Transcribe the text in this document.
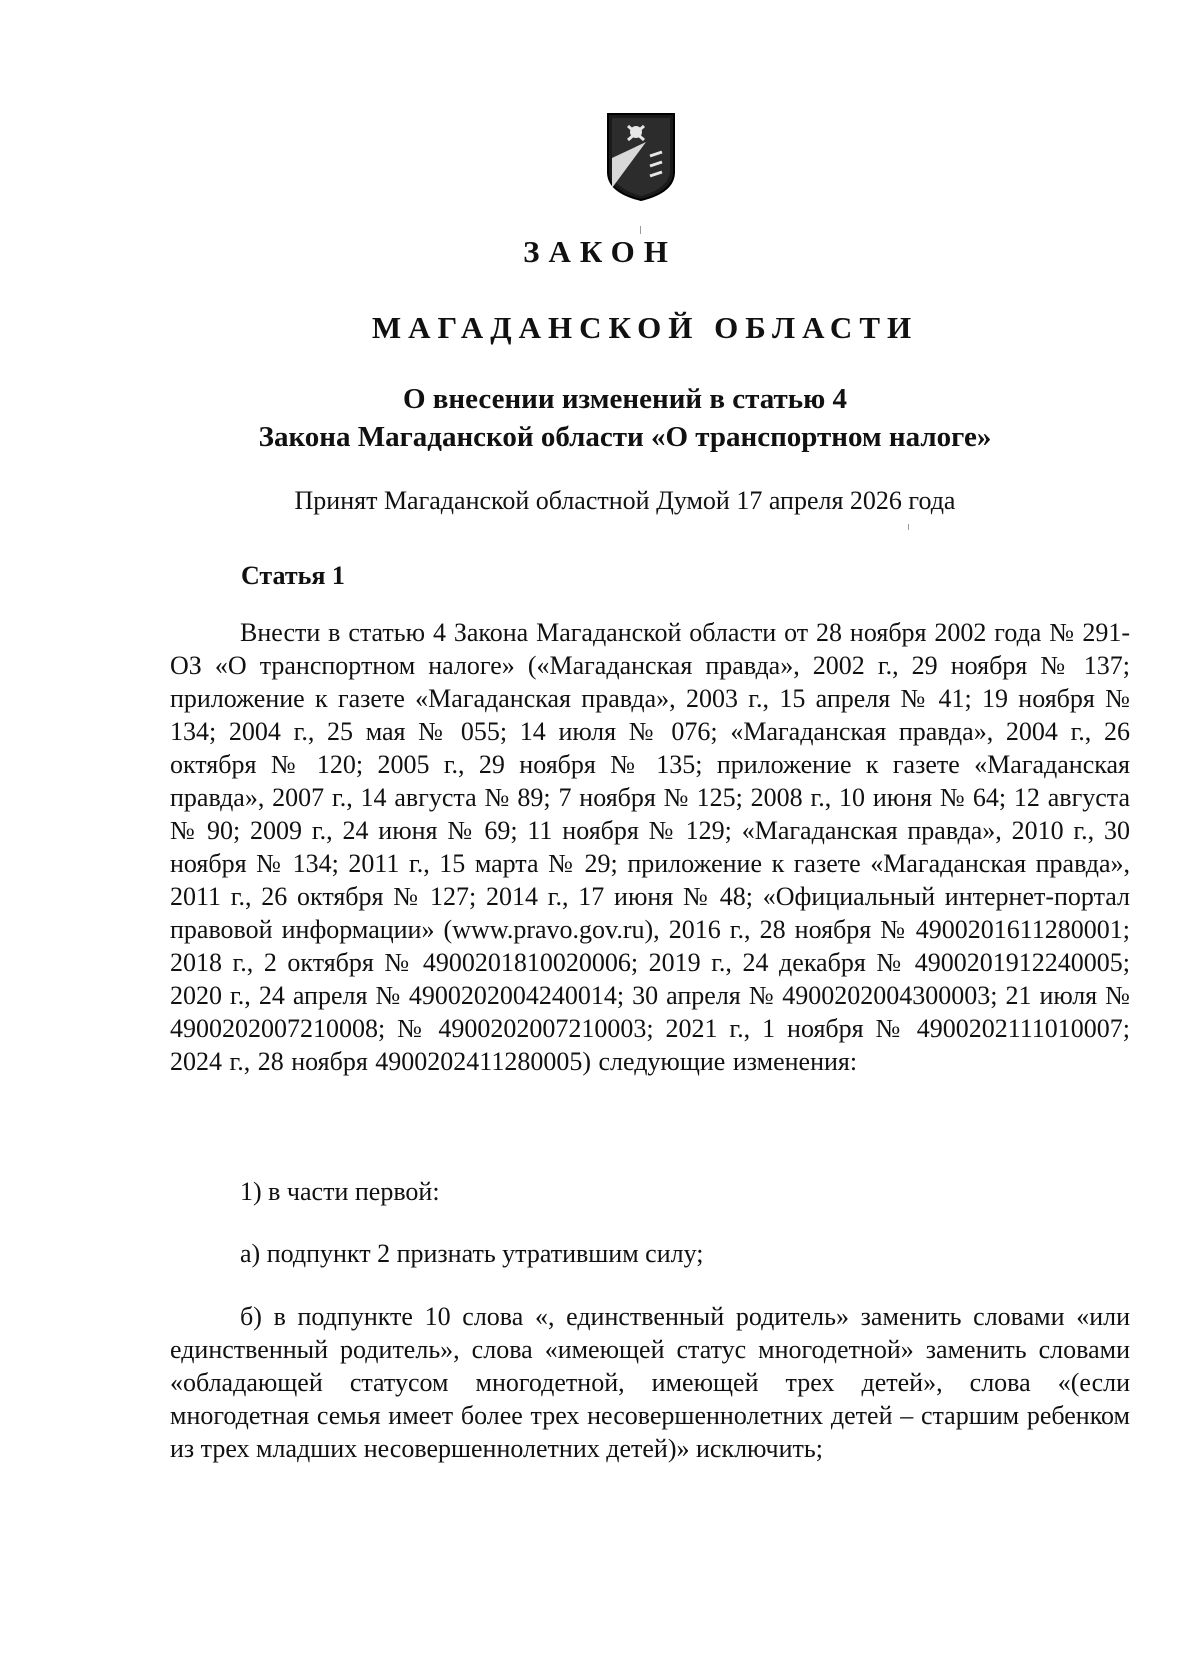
ЗАКОН
МАГАДАНСКОЙ ОБЛАСТИ
О внесении изменений в статью 4
Закона Магаданской области «О транспортном налоге»
Принят Магаданской областной Думой 17 апреля 2026 года
Статья 1
Внести в статью 4 Закона Магаданской области от 28 ноября 2002 года № 291-ОЗ «О транспортном налоге» («Магаданская правда», 2002 г., 29 ноября № 137; приложение к газете «Магаданская правда», 2003 г., 15 апреля № 41; 19 ноября № 134; 2004 г., 25 мая № 055; 14 июля № 076; «Магаданская правда», 2004 г., 26 октября № 120; 2005 г., 29 ноября № 135; приложение к газете «Магаданская правда», 2007 г., 14 августа № 89; 7 ноября № 125; 2008 г., 10 июня № 64; 12 августа № 90; 2009 г., 24 июня № 69; 11 ноября № 129; «Магаданская правда», 2010 г., 30 ноября № 134; 2011 г., 15 марта № 29; приложение к газете «Магаданская правда», 2011 г., 26 октября № 127; 2014 г., 17 июня № 48; «Официальный интернет-портал правовой информации» (www.pravo.gov.ru), 2016 г., 28 ноября № 4900201611280001; 2018 г., 2 октября № 4900201810020006; 2019 г., 24 декабря № 4900201912240005; 2020 г., 24 апреля № 4900202004240014; 30 апреля № 4900202004300003; 21 июля № 4900202007210008; № 4900202007210003; 2021 г., 1 ноября № 4900202111010007; 2024 г., 28 ноября 4900202411280005) следующие изменения:
1) в части первой:
а) подпункт 2 признать утратившим силу;
б) в подпункте 10 слова «, единственный родитель» заменить словами «или единственный родитель», слова «имеющей статус многодетной» заменить словами «обладающей статусом многодетной, имеющей трех детей», слова «(если многодетная семья имеет более трех несовершеннолетних детей – старшим ребенком из трех младших несовершеннолетних детей)» исключить;
